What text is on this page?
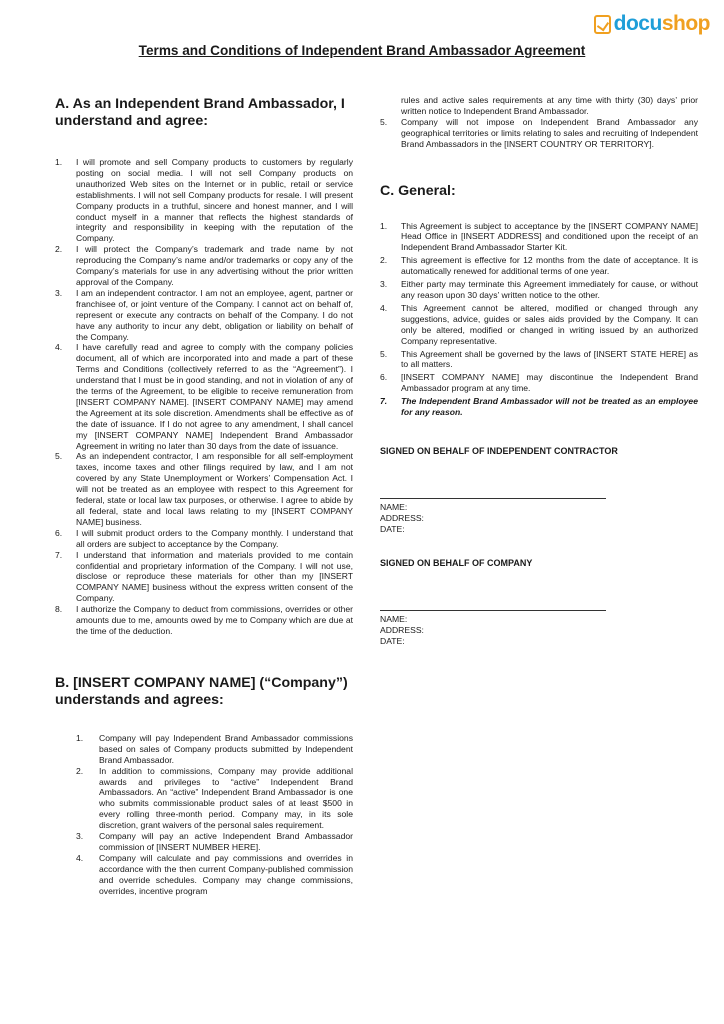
docushop
Terms and Conditions of Independent Brand Ambassador Agreement
A. As an Independent Brand Ambassador, I understand and agree:
1.	I will promote and sell Company products to customers by regularly posting on social media. I will not sell Company products on unauthorized Web sites on the Internet or in public, retail or service establishments. I will not sell Company products for resale. I will present Company products in a truthful, sincere and honest manner, and I will conduct myself in a manner that reflects the highest standards of integrity and responsibility in keeping with the reputation of the Company.
2.	I will protect the Company’s trademark and trade name by not reproducing the Company’s name and/or trademarks or copy any of the Company’s materials for use in any advertising without the prior written approval of the Company.
3.	I am an independent contractor. I am not an employee, agent, partner or franchisee of, or joint venture of the Company. I cannot act on behalf of, represent or execute any contracts on behalf of the Company. I do not have any authority to incur any debt, obligation or liability on behalf of the Company.
4.	I have carefully read and agree to comply with the company policies document, all of which are incorporated into and made a part of these Terms and Conditions (collectively referred to as the “Agreement”). I understand that I must be in good standing, and not in violation of any of the terms of the Agreement, to be eligible to receive remuneration from [INSERT COMPANY NAME]. [INSERT COMPANY NAME] may amend the Agreement at its sole discretion. Amendments shall be effective as of the date of issuance. If I do not agree to any amendment, I shall cancel my [INSERT COMPANY NAME] Independent Brand Ambassador Agreement in writing no later than 30 days from the date of issuance.
5.	As an independent contractor, I am responsible for all self-employment taxes, income taxes and other filings required by law, and I am not covered by any State Unemployment or Workers’ Compensation Act. I will not be treated as an employee with respect to this Agreement for federal, state or local law tax purposes, or otherwise. I agree to abide by all federal, state and local laws relating to my [INSERT COMPANY NAME] business.
6.	I will submit product orders to the Company monthly. I understand that all orders are subject to acceptance by the Company.
7.	I understand that information and materials provided to me contain confidential and proprietary information of the Company. I will not use, disclose or reproduce these materials for other than my [INSERT COMPANY NAME] business without the express written consent of the Company.
8.	I authorize the Company to deduct from commissions, overrides or other amounts due to me, amounts owed by me to Company which are due at the time of the deduction.
B. [INSERT COMPANY NAME] (“Company”) understands and agrees:
1.	Company will pay Independent Brand Ambassador commissions based on sales of Company products submitted by Independent Brand Ambassador.
2.	In addition to commissions, Company may provide additional awards and privileges to “active” Independent Brand Ambassadors. An “active” Independent Brand Ambassador is one who submits commissionable product sales of at least $500 in every rolling three-month period. Company may, in its sole discretion, grant waivers of the personal sales requirement.
3.	Company will pay an active Independent Brand Ambassador commission of [INSERT NUMBER HERE].
4.	Company will calculate and pay commissions and overrides in accordance with the then current Company-published commission and override schedules. Company may change commissions, overrides, incentive program
rules and active sales requirements at any time with thirty (30) days’ prior written notice to Independent Brand Ambassador.
5.	Company will not impose on Independent Brand Ambassador any geographical territories or limits relating to sales and recruiting of Independent Brand Ambassadors in the [INSERT COUNTRY OR TERRITORY].
C. General:
1.	This Agreement is subject to acceptance by the [INSERT COMPANY NAME] Head Office in [INSERT ADDRESS] and conditioned upon the receipt of an Independent Brand Ambassador Starter Kit.
2.	This agreement is effective for 12 months from the date of acceptance. It is automatically renewed for additional terms of one year.
3.	Either party may terminate this Agreement immediately for cause, or without any reason upon 30 days’ written notice to the other.
4.	This Agreement cannot be altered, modified or changed through any suggestions, advice, guides or sales aids provided by the Company. It can only be altered, modified or changed in writing issued by an authorized Company representative.
5.	This Agreement shall be governed by the laws of [INSERT STATE HERE] as to all matters.
6.	[INSERT COMPANY NAME] may discontinue the Independent Brand Ambassador program at any time.
7.	The Independent Brand Ambassador will not be treated as an employee for any reason.
SIGNED ON BEHALF OF INDEPENDENT CONTRACTOR
NAME:
ADDRESS:
DATE:
SIGNED ON BEHALF OF COMPANY
NAME:
ADDRESS:
DATE:
